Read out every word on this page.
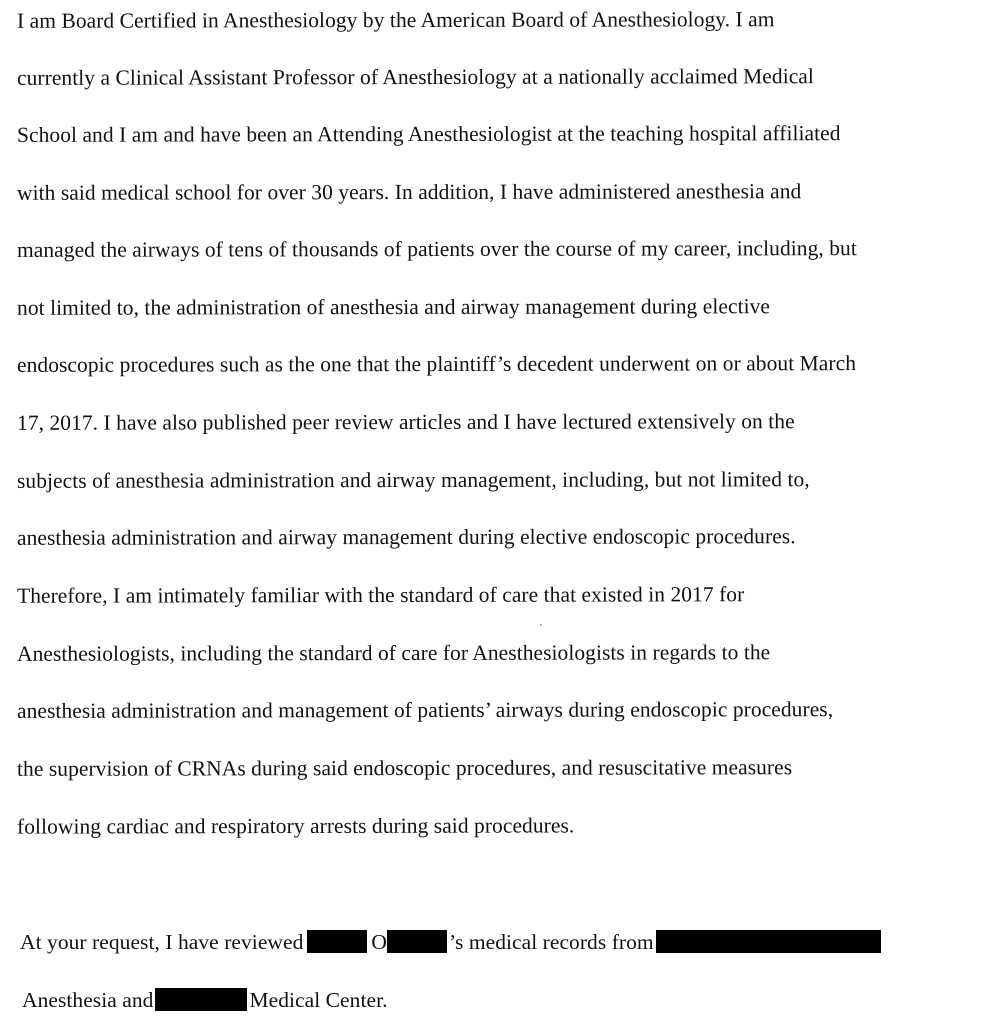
I am Board Certified in Anesthesiology by the American Board of Anesthesiology. I am
currently a Clinical Assistant Professor of Anesthesiology at a nationally acclaimed Medical
School and I am and have been an Attending Anesthesiologist at the teaching hospital affiliated
with said medical school for over 30 years. In addition, I have administered anesthesia and
managed the airways of tens of thousands of patients over the course of my career, including, but
not limited to, the administration of anesthesia and airway management during elective
endoscopic procedures such as the one that the plaintiff’s decedent underwent on or about March
17, 2017. I have also published peer review articles and I have lectured extensively on the
subjects of anesthesia administration and airway management, including, but not limited to,
anesthesia administration and airway management during elective endoscopic procedures.
Therefore, I am intimately familiar with the standard of care that existed in 2017 for
Anesthesiologists, including the standard of care for Anesthesiologists in regards to the
anesthesia administration and management of patients’ airways during endoscopic procedures,
the supervision of CRNAs during said endoscopic procedures, and resuscitative measures
following cardiac and respiratory arrests during said procedures.
At your request, I have reviewed	O	’s medical records from
Anesthesia and	Medical Center.
